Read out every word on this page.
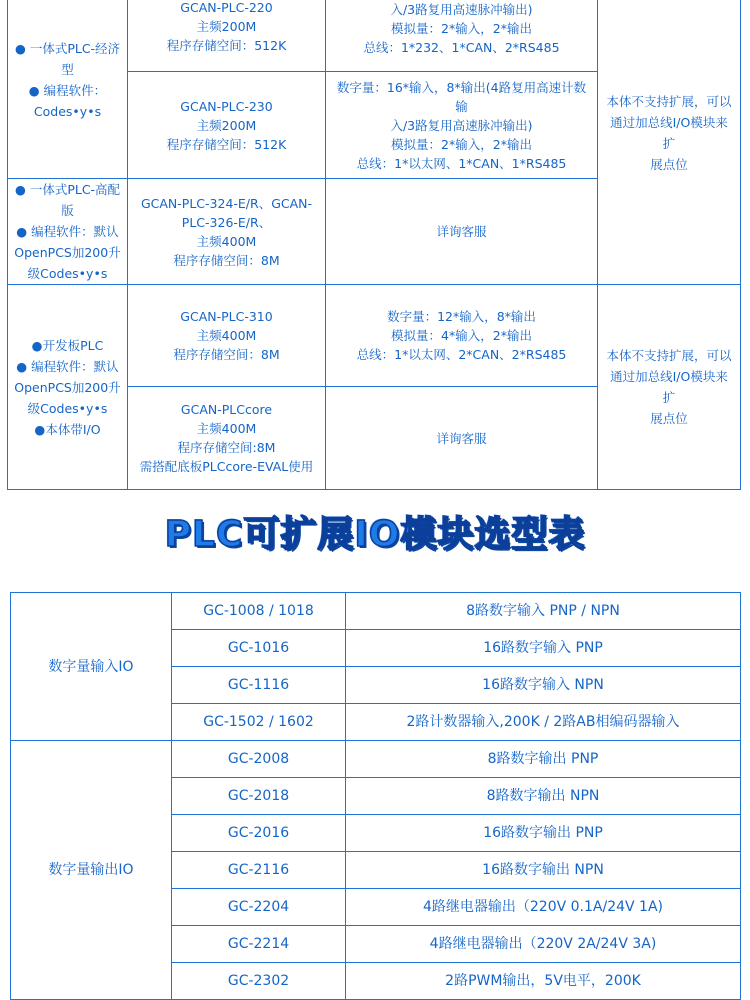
● 一体式PLC-经济
型
● 编程软件：
Codes•y•s	GCAN-PLC-220
主频200M
程序存储空间：512K	入/3路复用高速脉冲输出)
模拟量：2*输入，2*输出
总线：1*232、1*CAN、2*RS485	本体不支持扩展，可以
通过加总线I/O模块来扩
展点位

	GCAN-PLC-230
主频200M
程序存储空间：512K	数字量：16*输入，8*输出(4路复用高速计数输
入/3路复用高速脉冲输出)
模拟量：2*输入，2*输出
总线：1*以太网、1*CAN、1*RS485	

● 一体式PLC-高配
版
● 编程软件：默认
OpenPCS加200升
级Codes•y•s	GCAN-PLC-324-E/R、GCAN-
PLC-326-E/R、
主频400M
程序存储空间：8M	详询客服	

●开发板PLC
● 编程软件：默认
OpenPCS加200升
级Codes•y•s
●本体带I/O	GCAN-PLC-310
主频400M
程序存储空间：8M	数字量：12*输入，8*输出
模拟量：4*输入，2*输出
总线：1*以太网、2*CAN、2*RS485	本体不支持扩展，可以
通过加总线I/O模块来扩
展点位

	GCAN-PLCcore
主频400M
程序存储空间:8M
需搭配底板PLCcore-EVAL使用	详询客服	
PLC可扩展IO模块选型表
数字量输入IO	GC-1008 / 1018	8路数字输入 PNP / NPN
	GC-1016	16路数字输入 PNP
	GC-1116	16路数字输入 NPN
	GC-1502 / 1602	2路计数器输入,200K / 2路AB相编码器输入
数字量输出IO	GC-2008	8路数字输出 PNP
	GC-2018	8路数字输出 NPN
	GC-2016	16路数字输出 PNP
	GC-2116	16路数字输出 NPN
	GC-2204	4路继电器输出（220V 0.1A/24V 1A)
	GC-2214	4路继电器输出（220V 2A/24V 3A)
	GC-2302	2路PWM输出，5V电平，200K
